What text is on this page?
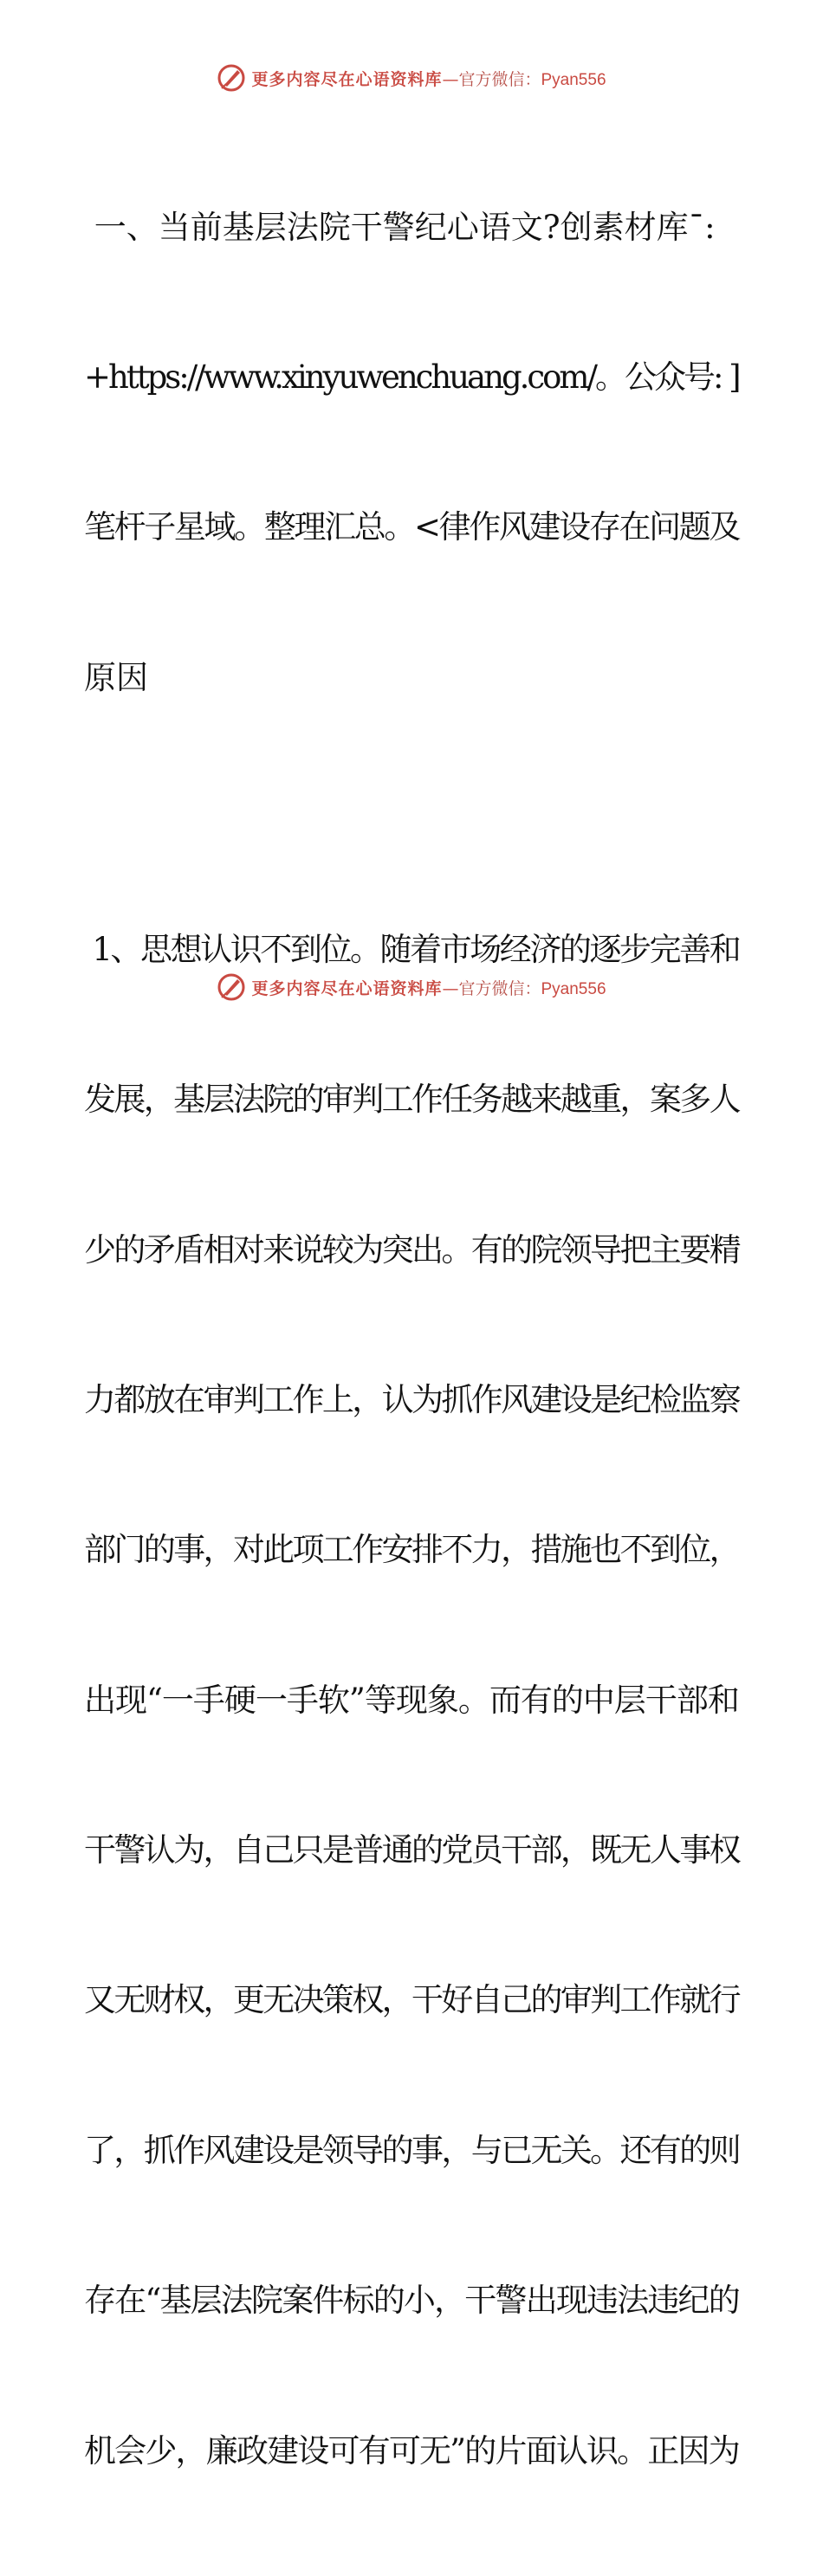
更多内容尽在心语资料库—官方微信：Pyan556

一、当前基层法院干警纪心语文?创素材库¯:

+https://www.xinyuwenchuang.com/。公众号: ]

笔杆子星域。整理汇总。<律作风建设存在问题及

原因

1、思想认识不到位。随着市场经济的逐步完善和

发展，基层法院的审判工作任务越来越重，案多人

少的矛盾相对来说较为突出。有的院领导把主要精

力都放在审判工作上，认为抓作风建设是纪检监察

部门的事，对此项工作安排不力，措施也不到位，

出现“一手硬一手软”等现象。而有的中层干部和

干警认为，自己只是普通的党员干部，既无人事权

又无财权，更无决策权，干好自己的审判工作就行

了，抓作风建设是领导的事，与已无关。还有的则

存在“基层法院案件标的小，干警出现违法违纪的

机会少，廉政建设可有可无”的片面认识。正因为

更多内容尽在心语资料库—官方微信：Pyan556
